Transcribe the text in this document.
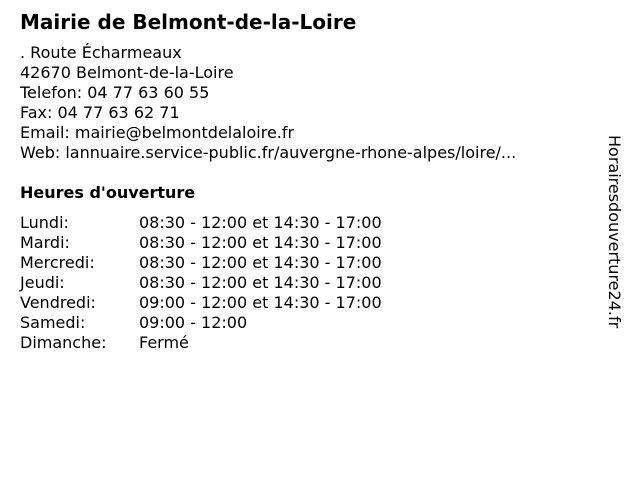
Mairie de Belmont-de-la-Loire
. Route Écharmeaux
42670 Belmont-de-la-Loire
Telefon: 04 77 63 60 55
Fax: 04 77 63 62 71
Email: mairie@belmontdelaloire.fr
Web: lannuaire.service-public.fr/auvergne-rhone-alpes/loire/...
Heures d'ouverture
Lundi:	08:30 - 12:00 et 14:30 - 17:00
Mardi:	08:30 - 12:00 et 14:30 - 17:00
Mercredi:	08:30 - 12:00 et 14:30 - 17:00
Jeudi:	08:30 - 12:00 et 14:30 - 17:00
Vendredi:	09:00 - 12:00 et 14:30 - 17:00
Samedi:	09:00 - 12:00
Dimanche: Fermé
Horairesdouverture24.fr
